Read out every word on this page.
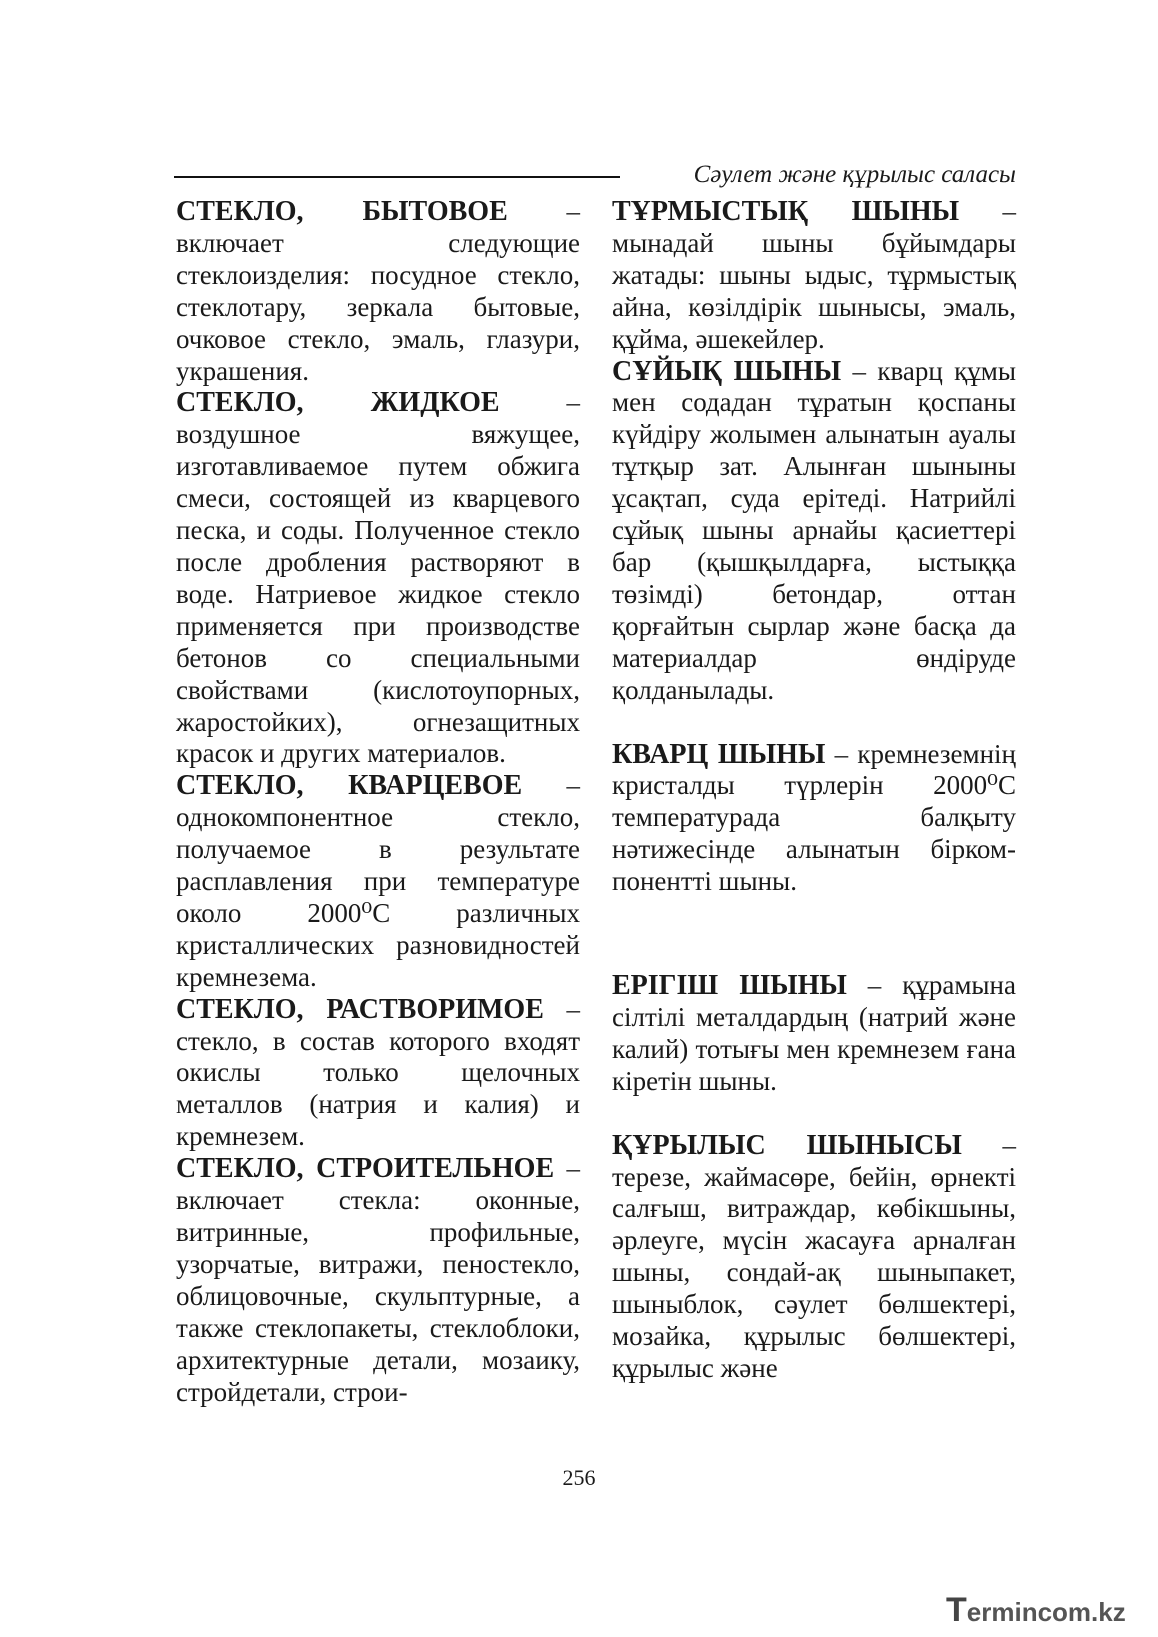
Сәулет және құрылыс саласы

СТЕКЛО, БЫТОВОЕ – включает следующие стеклоизделия: посудное стекло, стеклотару, зеркала бытовые, очковое стекло, эмаль, глазури, украшения.

СТЕКЛО, ЖИДКОЕ – воздушное вяжущее, изготавливаемое путем обжига смеси, состоящей из кварцевого песка, и соды. Полученное стекло после дробления растворяют в воде. Натриевое жидкое стекло применяется при производстве бетонов со специальными свойствами (кислотоупорных, жаростойких), огнезащитных красок и других материалов.

СТЕКЛО, КВАРЦЕВОЕ – однокомпонентное стекло, получаемое в результате расплавления при температуре около 2000⁰С различных кристаллических разновидностей кремнезема.

СТЕКЛО, РАСТВОРИМОЕ – стекло, в состав которого входят окислы только щелочных металлов (натрия и калия) и кремнезем.

СТЕКЛО, СТРОИТЕЛЬНОЕ – включает стекла: оконные, витринные, профильные, узорчатые, витражи, пеностекло, облицовочные, скульптурные, а также стеклопакеты, стеклоблоки, архитектурные детали, мозаику, стройдетали, строи-

ТҰРМЫСТЫҚ ШЫНЫ – мынадай шыны бұйымдары жатады: шыны ыдыс, тұрмыстық айна, көзілдірік шынысы, эмаль, құйма, әшекейлер.

СҰЙЫҚ ШЫНЫ – кварц құмы мен содадан тұратын қоспаны күйдіру жолымен алынатын ауалы тұтқыр зат. Алынған шыныны ұсақтап, суда ерітеді. Натрийлі сұйық шыны арнайы қасиеттері бар (қышқылдарға, ыстыққа төзімді) бетондар, оттан қорғайтын сырлар және басқа да материалдар өндіруде қолданылады.

КВАРЦ ШЫНЫ – кремнеземнің кристалды түрлерін 2000⁰С температурада балқыту нәтижесінде алынатын біркомпонентті шыны.

ЕРІГІШ ШЫНЫ – құрамына сілтілі металдардың (натрий және калий) тотығы мен кремнезем ғана кіретін шыны.

ҚҰРЫЛЫС ШЫНЫСЫ – терезе, жаймасөре, бейін, өрнекті салғыш, витраждар, көбікшыны, әрлеуге, мүсін жасауға арналған шыны, сондай-ақ шыныпакет, шыныблок, сәулет бөлшектері, мозайка, құрылыс бөлшектері, құрылыс және

256
Termincom.kz
